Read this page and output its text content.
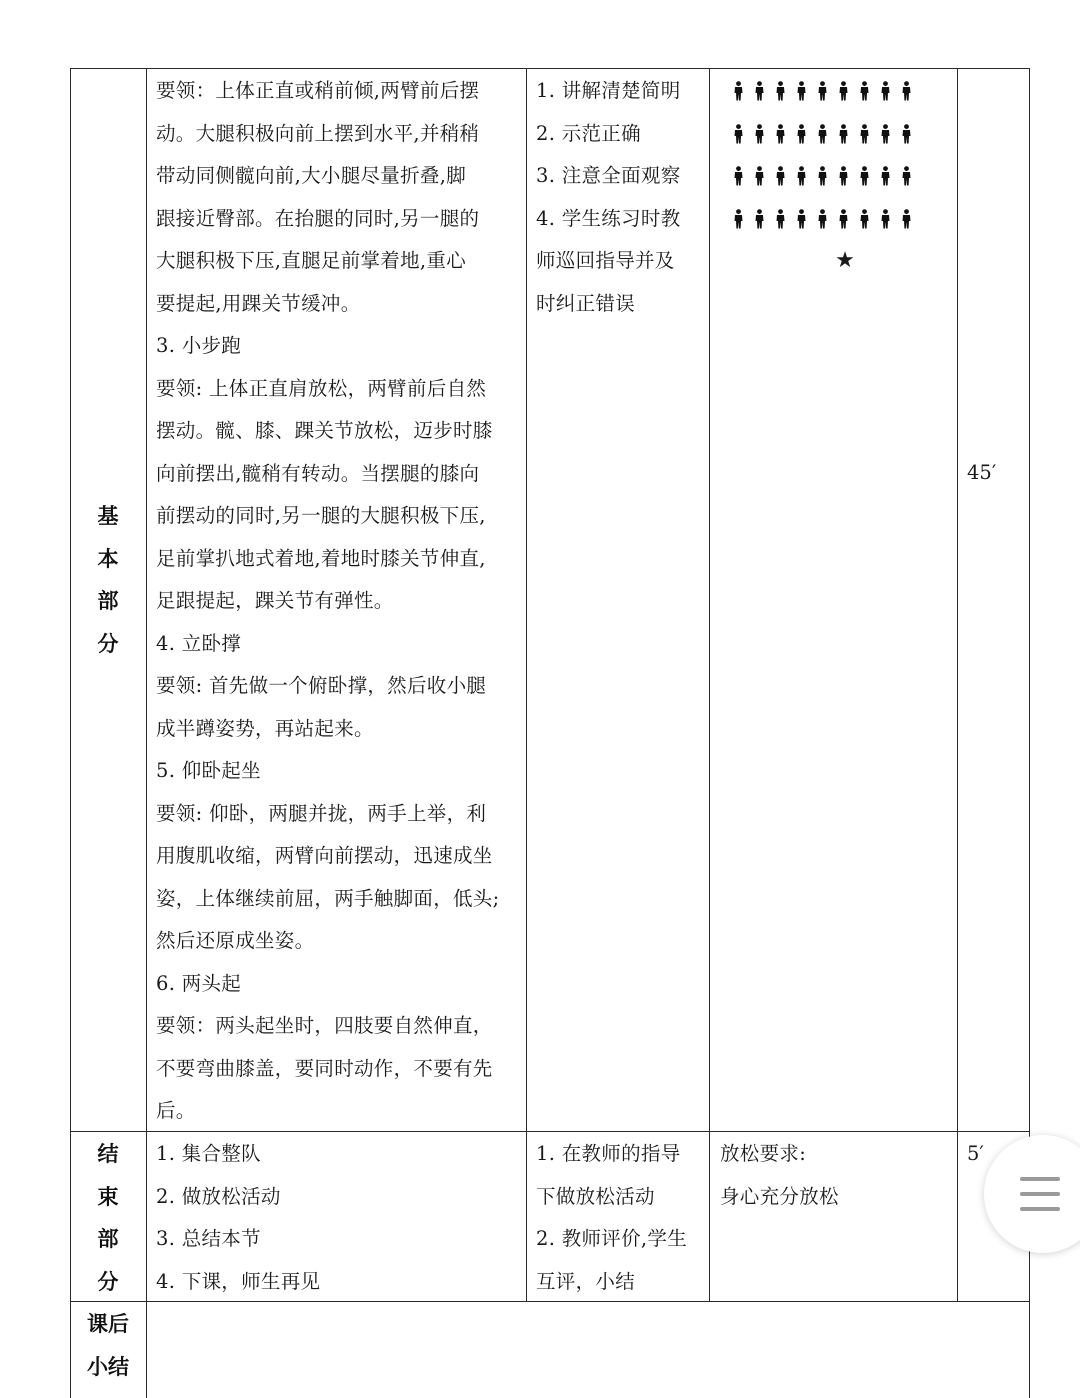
基
本
部
分
要领：上体正直或稍前倾,两臂前后摆
动。大腿积极向前上摆到水平,并稍稍
带动同侧髋向前,大小腿尽量折叠,脚
跟接近臀部。在抬腿的同时,另一腿的
大腿积极下压,直腿足前掌着地,重心
要提起,用踝关节缓冲。
3. 小步跑
要领: 上体正直肩放松，两臂前后自然
摆动。髋、膝、踝关节放松，迈步时膝
向前摆出,髋稍有转动。当摆腿的膝向
前摆动的同时,另一腿的大腿积极下压,
足前掌扒地式着地,着地时膝关节伸直,
足跟提起，踝关节有弹性。
4. 立卧撑
要领: 首先做一个俯卧撑，然后收小腿
成半蹲姿势，再站起来。
5. 仰卧起坐
要领: 仰卧，两腿并拢，两手上举，利
用腹肌收缩，两臂向前摆动，迅速成坐
姿，上体继续前屈，两手触脚面，低头;
然后还原成坐姿。
6. 两头起
要领：两头起坐时，四肢要自然伸直，
不要弯曲膝盖，要同时动作，不要有先
后。
1. 讲解清楚简明
2. 示范正确
3. 注意全面观察
4. 学生练习时教
师巡回指导并及
时纠正错误
★
45′
结
束
部
分
1. 集合整队
2. 做放松活动
3. 总结本节
4. 下课，师生再见
1. 在教师的指导
下做放松活动
2. 教师评价,学生
互评，小结
放松要求:
身心充分放松
5′
课后
小结
